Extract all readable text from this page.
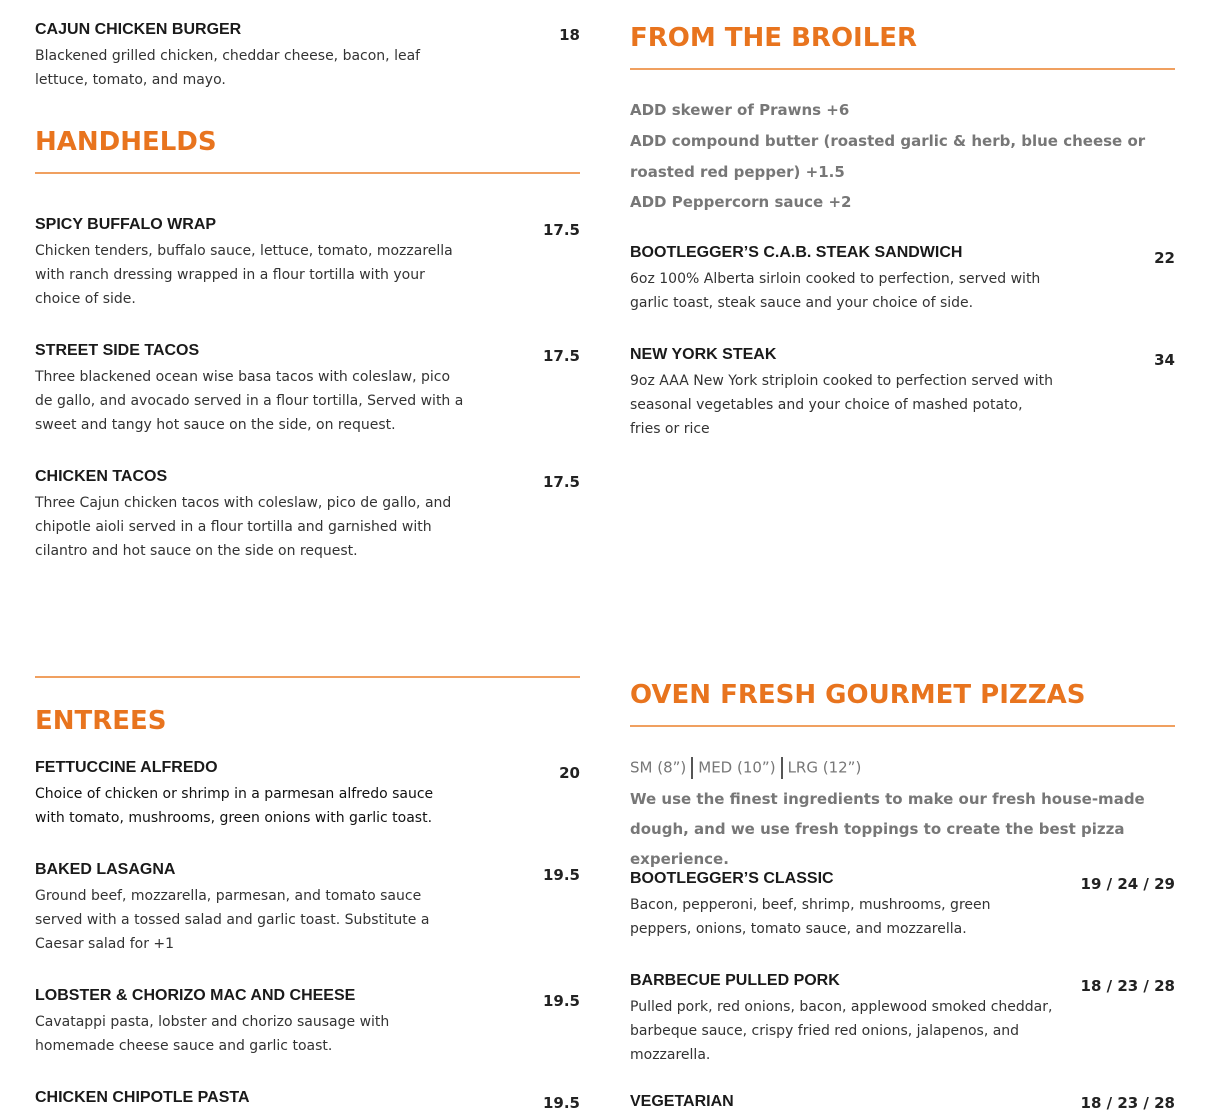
CAJUN CHICKEN BURGER	18
Blackened grilled chicken, cheddar cheese, bacon, leaf lettuce, tomato, and mayo.
HANDHELDS
SPICY BUFFALO WRAP	17.5
Chicken tenders, buffalo sauce, lettuce, tomato, mozzarella with ranch dressing wrapped in a flour tortilla with your choice of side.
STREET SIDE TACOS	17.5
Three blackened ocean wise basa tacos with coleslaw, pico de gallo, and avocado served in a flour tortilla, Served with a sweet and tangy hot sauce on the side, on request.
CHICKEN TACOS	17.5
Three Cajun chicken tacos with coleslaw, pico de gallo, and chipotle aioli served in a flour tortilla and garnished with cilantro and hot sauce on the side on request.
FROM THE BROILER
ADD skewer of Prawns +6
ADD compound butter (roasted garlic & herb, blue cheese or roasted red pepper) +1.5
ADD Peppercorn sauce +2
BOOTLEGGER’S C.A.B. STEAK SANDWICH	22
6oz 100% Alberta sirloin cooked to perfection, served with garlic toast, steak sauce and your choice of side.
NEW YORK STEAK	34
9oz AAA New York striploin cooked to perfection served with seasonal vegetables and your choice of mashed potato, fries or rice
ENTREES
FETTUCCINE ALFREDO	20
Choice of chicken or shrimp in a parmesan alfredo sauce with tomato, mushrooms, green onions with garlic toast.
BAKED LASAGNA	19.5
Ground beef, mozzarella, parmesan, and tomato sauce served with a tossed salad and garlic toast. Substitute a Caesar salad for +1
LOBSTER & CHORIZO MAC AND CHEESE	19.5
Cavatappi pasta, lobster and chorizo sausage with homemade cheese sauce and garlic toast.
CHICKEN CHIPOTLE PASTA	19.5
OVEN FRESH GOURMET PIZZAS
SM (8”) MED (10”) LRG (12”)
We use the finest ingredients to make our fresh house-made dough, and we use fresh toppings to create the best pizza experience.
BOOTLEGGER’S CLASSIC	19 / 24 / 29
Bacon, pepperoni, beef, shrimp, mushrooms, green peppers, onions, tomato sauce, and mozzarella.
BARBECUE PULLED PORK	18 / 23 / 28
Pulled pork, red onions, bacon, applewood smoked cheddar, barbeque sauce, crispy fried red onions, jalapenos, and mozzarella.
VEGETARIAN	18 / 23 / 28
